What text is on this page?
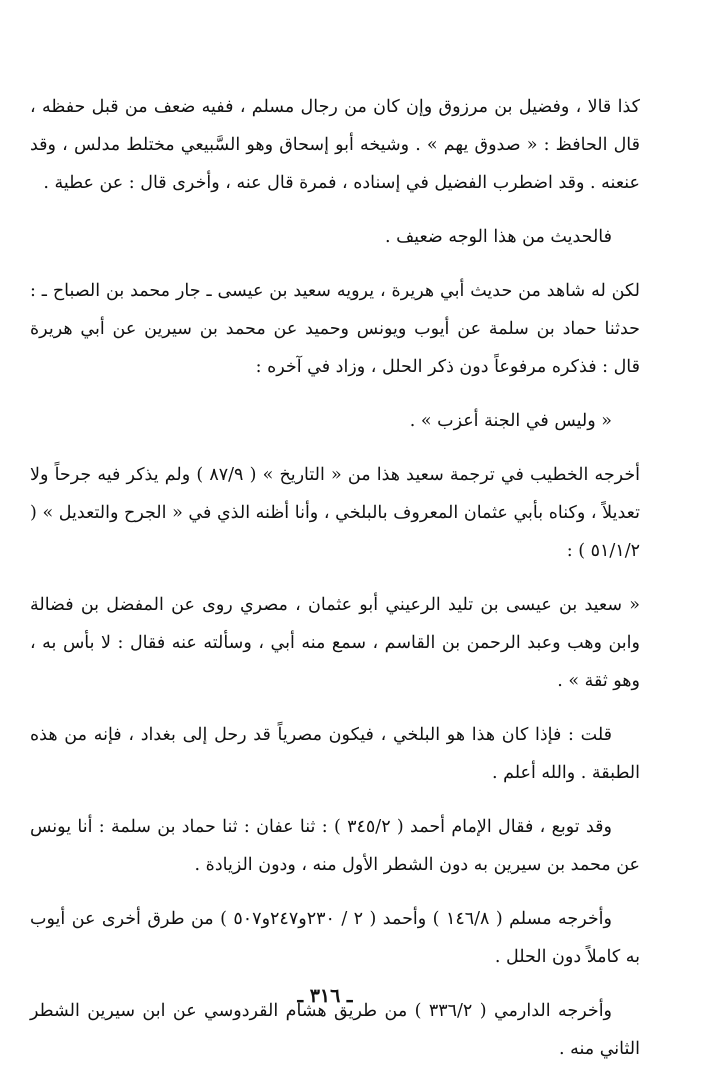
كذا قالا ، وفضيل بن مرزوق وإن كان من رجال مسلم ، ففيه ضعف من قبل حفظه ، قال الحافظ : « صدوق يهم » . وشيخه أبو إسحاق وهو السَّبيعي مختلط مدلس ، وقد عنعنه . وقد اضطرب الفضيل في إسناده ، فمرة قال عنه ، وأخرى قال : عن عطية .

فالحديث من هذا الوجه ضعيف .

لكن له شاهد من حديث أبي هريرة ، يرويه سعيد بن عيسى ـ جار محمد بن الصباح ـ : حدثنا حماد بن سلمة عن أيوب ويونس وحميد عن محمد بن سيرين عن أبي هريرة قال : فذكره مرفوعاً دون ذكر الحلل ، وزاد في آخره :

« وليس في الجنة أعزب » .

أخرجه الخطيب في ترجمة سعيد هذا من « التاريخ » ( ٨٧/٩ ) ولم يذكر فيه جرحاً ولا تعديلاً ، وكناه بأبي عثمان المعروف بالبلخي ، وأنا أظنه الذي في « الجرح والتعديل » ( ٥١/١/٢ ) :

« سعيد بن عيسى بن تليد الرعيني أبو عثمان ، مصري روى عن المفضل بن فضالة وابن وهب وعبد الرحمن بن القاسم ، سمع منه أبي ، وسألته عنه فقال : لا بأس به ، وهو ثقة » .

قلت : فإذا كان هذا هو البلخي ، فيكون مصرياً قد رحل إلى بغداد ، فإنه من هذه الطبقة . والله أعلم .

وقد توبع ، فقال الإمام أحمد ( ٣٤٥/٢ ) : ثنا عفان : ثنا حماد بن سلمة : أنا يونس عن محمد بن سيرين به دون الشطر الأول منه ، ودون الزيادة .

وأخرجه مسلم ( ١٤٦/٨ ) وأحمد ( ٢ / ٢٣٠و٢٤٧و٥٠٧ ) من طرق أخرى عن أيوب به كاملاً دون الحلل .

وأخرجه الدارمي ( ٣٣٦/٢ ) من طريق هشام القردوسي عن ابن سيرين الشطر الثاني منه .

ـ ٣١٦ ـ
